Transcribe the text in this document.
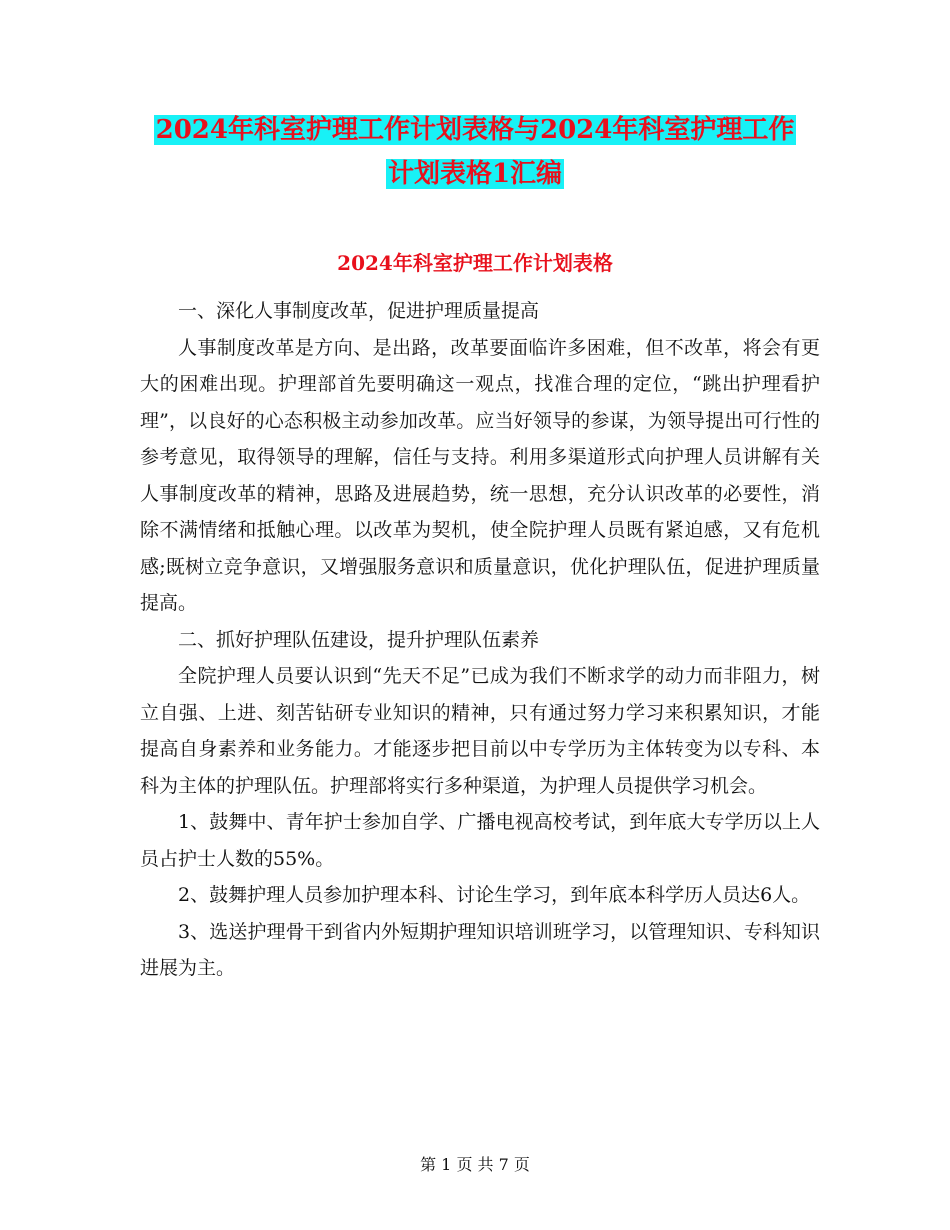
2024年科室护理工作计划表格与2024年科室护理工作
计划表格1汇编
2024年科室护理工作计划表格

一、深化人事制度改革，促进护理质量提高

人事制度改革是方向、是出路，改革要面临许多困难，但不改革，将会有更大的困难出现。护理部首先要明确这一观点，找准合理的定位，“跳出护理看护理”，以良好的心态积极主动参加改革。应当好领导的参谋，为领导提出可行性的参考意见，取得领导的理解，信任与支持。利用多渠道形式向护理人员讲解有关人事制度改革的精神，思路及进展趋势，统一思想，充分认识改革的必要性，消除不满情绪和抵触心理。以改革为契机，使全院护理人员既有紧迫感，又有危机感;既树立竞争意识，又增强服务意识和质量意识，优化护理队伍，促进护理质量提高。

二、抓好护理队伍建设，提升护理队伍素养

全院护理人员要认识到“先天不足”已成为我们不断求学的动力而非阻力，树立自强、上进、刻苦钻研专业知识的精神，只有通过努力学习来积累知识，才能提高自身素养和业务能力。才能逐步把目前以中专学历为主体转变为以专科、本科为主体的护理队伍。护理部将实行多种渠道，为护理人员提供学习机会。

1、鼓舞中、青年护士参加自学、广播电视高校考试，到年底大专学历以上人员占护士人数的55%。

2、鼓舞护理人员参加护理本科、讨论生学习，到年底本科学历人员达6人。

3、选送护理骨干到省内外短期护理知识培训班学习，以管理知识、专科知识进展为主。

第 1 页 共 7 页
